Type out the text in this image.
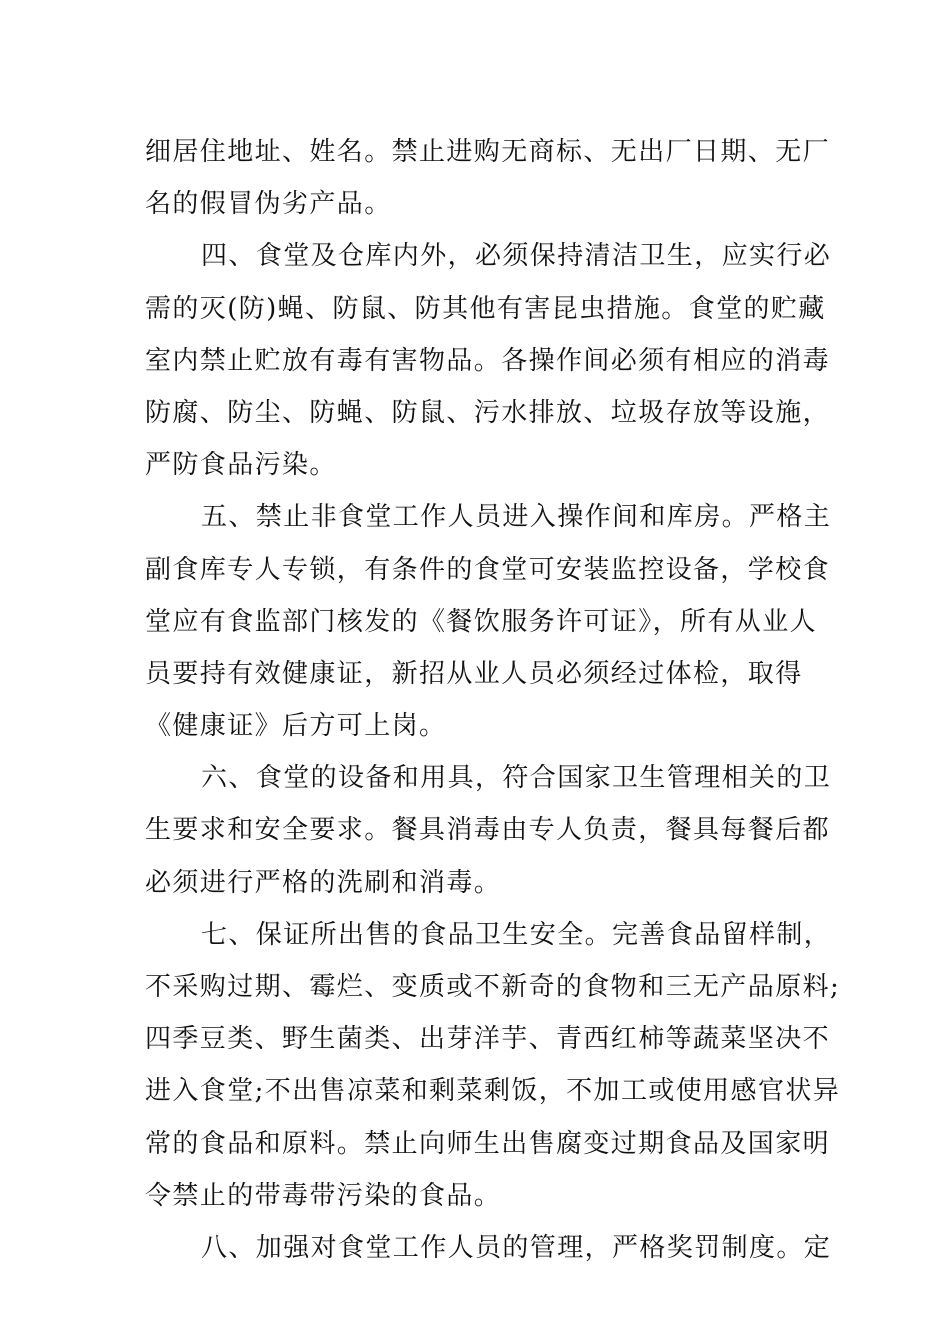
细居住地址、姓名。禁止进购无商标、无出厂日期、无厂
名的假冒伪劣产品。
四、食堂及仓库内外，必须保持清洁卫生，应实行必
需的灭(防)蝇、防鼠、防其他有害昆虫措施。食堂的贮藏
室内禁止贮放有毒有害物品。各操作间必须有相应的消毒
防腐、防尘、防蝇、防鼠、污水排放、垃圾存放等设施，
严防食品污染。
五、禁止非食堂工作人员进入操作间和库房。严格主
副食库专人专锁，有条件的食堂可安装监控设备，学校食
堂应有食监部门核发的《餐饮服务许可证》，所有从业人
员要持有效健康证，新招从业人员必须经过体检，取得
《健康证》后方可上岗。
六、食堂的设备和用具，符合国家卫生管理相关的卫
生要求和安全要求。餐具消毒由专人负责，餐具每餐后都
必须进行严格的洗刷和消毒。
七、保证所出售的食品卫生安全。完善食品留样制，
不采购过期、霉烂、变质或不新奇的食物和三无产品原料;
四季豆类、野生菌类、出芽洋芋、青西红柿等蔬菜坚决不
进入食堂;不出售凉菜和剩菜剩饭，不加工或使用感官状异
常的食品和原料。禁止向师生出售腐变过期食品及国家明
令禁止的带毒带污染的食品。
八、加强对食堂工作人员的管理，严格奖罚制度。定
